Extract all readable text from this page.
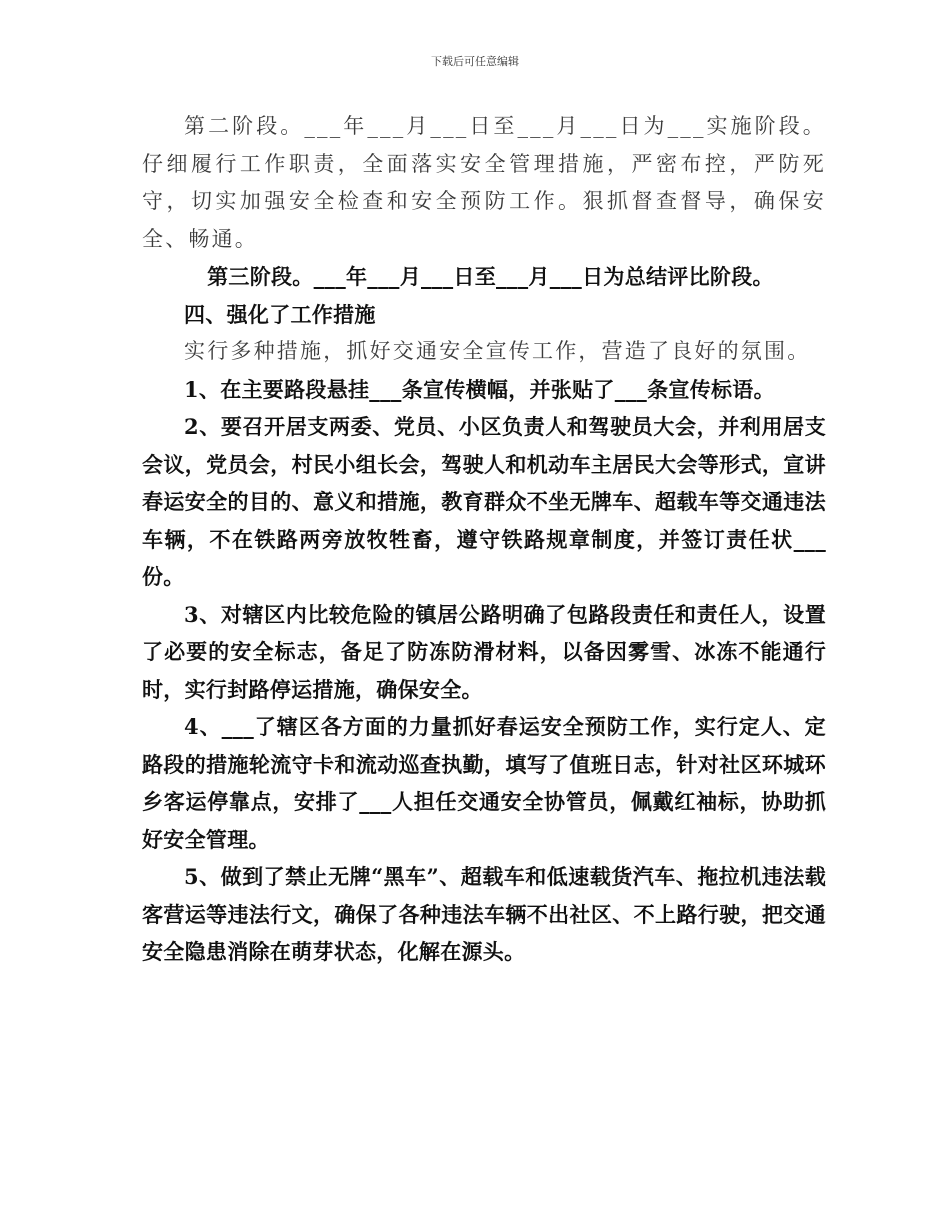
下载后可任意编辑

第二阶段。___年___月___日至___月___日为___实施阶段。仔细履行工作职责，全面落实安全管理措施，严密布控，严防死守，切实加强安全检查和安全预防工作。狠抓督查督导，确保安全、畅通。

第三阶段。___年___月___日至___月___日为总结评比阶段。

四、强化了工作措施

实行多种措施，抓好交通安全宣传工作，营造了良好的氛围。

1、在主要路段悬挂___条宣传横幅，并张贴了___条宣传标语。

2、要召开居支两委、党员、小区负责人和驾驶员大会，并利用居支会议，党员会，村民小组长会，驾驶人和机动车主居民大会等形式，宣讲春运安全的目的、意义和措施，教育群众不坐无牌车、超载车等交通违法车辆，不在铁路两旁放牧牲畜，遵守铁路规章制度，并签订责任状___份。

3、对辖区内比较危险的镇居公路明确了包路段责任和责任人，设置了必要的安全标志，备足了防冻防滑材料，以备因雾雪、冰冻不能通行时，实行封路停运措施，确保安全。

4、___了辖区各方面的力量抓好春运安全预防工作，实行定人、定路段的措施轮流守卡和流动巡查执勤，填写了值班日志，针对社区环城环乡客运停靠点，安排了___人担任交通安全协管员，佩戴红袖标，协助抓好安全管理。

5、做到了禁止无牌“黑车”、超载车和低速载货汽车、拖拉机违法载客营运等违法行文，确保了各种违法车辆不出社区、不上路行驶，把交通安全隐患消除在萌芽状态，化解在源头。
